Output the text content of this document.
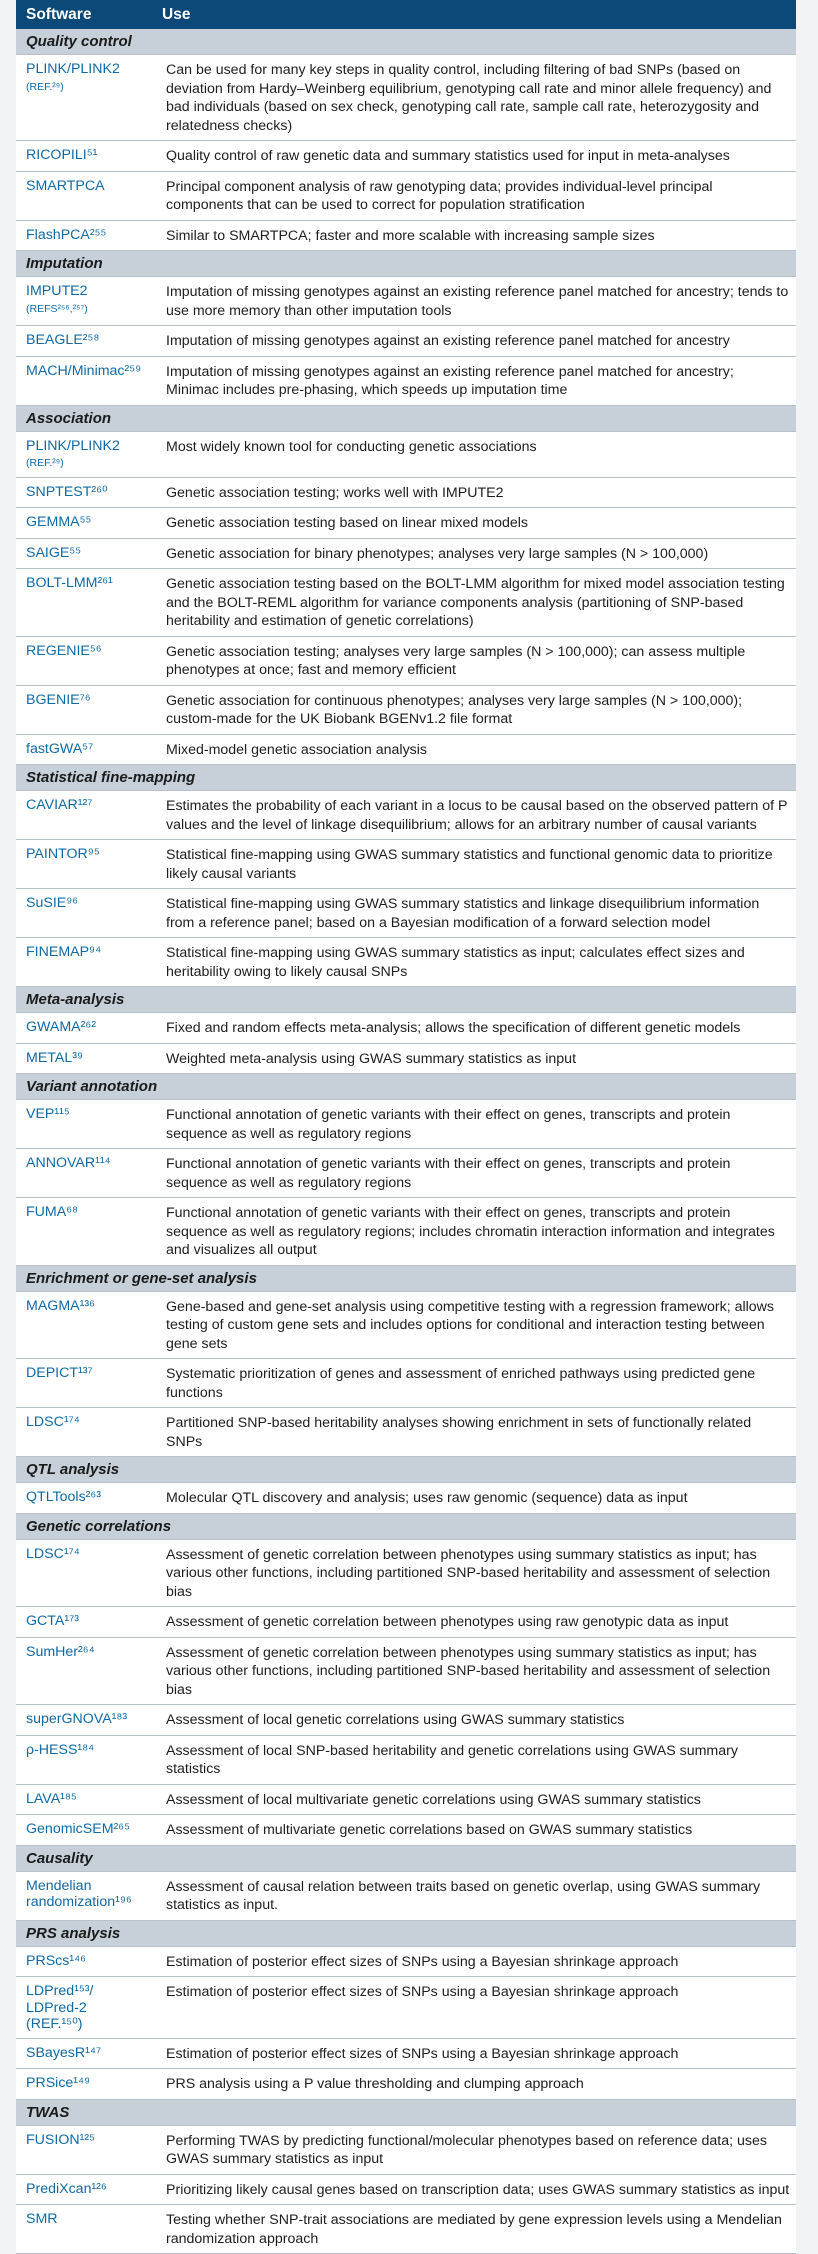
Software	Use
Quality control	
PLINK/PLINK2
(REF.²⁹)	Can be used for many key steps in quality control, including filtering of bad SNPs (based on deviation from Hardy–Weinberg equilibrium, genotyping call rate and minor allele frequency) and bad individuals (based on sex check, genotyping call rate, sample call rate, heterozygosity and relatedness checks)
RICOPILI⁵¹	Quality control of raw genetic data and summary statistics used for input in meta-analyses
SMARTPCA	Principal component analysis of raw genotyping data; provides individual-level principal components that can be used to correct for population stratification
FlashPCA²⁵⁵	Similar to SMARTPCA; faster and more scalable with increasing sample sizes
Imputation	
IMPUTE2
(REFS²⁵⁶,²⁵⁷)	Imputation of missing genotypes against an existing reference panel matched for ancestry; tends to use more memory than other imputation tools
BEAGLE²⁵⁸	Imputation of missing genotypes against an existing reference panel matched for ancestry
MACH/Minimac²⁵⁹	Imputation of missing genotypes against an existing reference panel matched for ancestry; Minimac includes pre-phasing, which speeds up imputation time
Association	
PLINK/PLINK2
(REF.²⁹)	Most widely known tool for conducting genetic associations
SNPTEST²⁶⁰	Genetic association testing; works well with IMPUTE2
GEMMA⁵⁵	Genetic association testing based on linear mixed models
SAIGE⁵⁵	Genetic association for binary phenotypes; analyses very large samples (N > 100,000)
BOLT-LMM²⁶¹	Genetic association testing based on the BOLT-LMM algorithm for mixed model association testing and the BOLT-REML algorithm for variance components analysis (partitioning of SNP-based heritability and estimation of genetic correlations)
REGENIE⁵⁶	Genetic association testing; analyses very large samples (N > 100,000); can assess multiple phenotypes at once; fast and memory efficient
BGENIE⁷⁶	Genetic association for continuous phenotypes; analyses very large samples (N > 100,000); custom-made for the UK Biobank BGENv1.2 file format
fastGWA⁵⁷	Mixed-model genetic association analysis
Statistical fine-mapping	
CAVIAR¹²⁷	Estimates the probability of each variant in a locus to be causal based on the observed pattern of P values and the level of linkage disequilibrium; allows for an arbitrary number of causal variants
PAINTOR⁹⁵	Statistical fine-mapping using GWAS summary statistics and functional genomic data to prioritize likely causal variants
SuSIE⁹⁶	Statistical fine-mapping using GWAS summary statistics and linkage disequilibrium information from a reference panel; based on a Bayesian modification of a forward selection model
FINEMAP⁹⁴	Statistical fine-mapping using GWAS summary statistics as input; calculates effect sizes and heritability owing to likely causal SNPs
Meta-analysis	
GWAMA²⁶²	Fixed and random effects meta-analysis; allows the specification of different genetic models
METAL³⁹	Weighted meta-analysis using GWAS summary statistics as input
Variant annotation	
VEP¹¹⁵	Functional annotation of genetic variants with their effect on genes, transcripts and protein sequence as well as regulatory regions
ANNOVAR¹¹⁴	Functional annotation of genetic variants with their effect on genes, transcripts and protein sequence as well as regulatory regions
FUMA⁶⁸	Functional annotation of genetic variants with their effect on genes, transcripts and protein sequence as well as regulatory regions; includes chromatin interaction information and integrates and visualizes all output
Enrichment or gene-set analysis	
MAGMA¹³⁶	Gene-based and gene-set analysis using competitive testing with a regression framework; allows testing of custom gene sets and includes options for conditional and interaction testing between gene sets
DEPICT¹³⁷	Systematic prioritization of genes and assessment of enriched pathways using predicted gene functions
LDSC¹⁷⁴	Partitioned SNP-based heritability analyses showing enrichment in sets of functionally related SNPs
QTL analysis	
QTLTools²⁶³	Molecular QTL discovery and analysis; uses raw genomic (sequence) data as input
Genetic correlations	
LDSC¹⁷⁴	Assessment of genetic correlation between phenotypes using summary statistics as input; has various other functions, including partitioned SNP-based heritability and assessment of selection bias
GCTA¹⁷³	Assessment of genetic correlation between phenotypes using raw genotypic data as input
SumHer²⁶⁴	Assessment of genetic correlation between phenotypes using summary statistics as input; has various other functions, including partitioned SNP-based heritability and assessment of selection bias
superGNOVA¹⁸³	Assessment of local genetic correlations using GWAS summary statistics
ρ-HESS¹⁸⁴	Assessment of local SNP-based heritability and genetic correlations using GWAS summary statistics
LAVA¹⁸⁵	Assessment of local multivariate genetic correlations using GWAS summary statistics
GenomicSEM²⁶⁵	Assessment of multivariate genetic correlations based on GWAS summary statistics
Causality	
Mendelian randomization¹⁹⁶	Assessment of causal relation between traits based on genetic overlap, using GWAS summary statistics as input.
PRS analysis	
PRScs¹⁴⁶	Estimation of posterior effect sizes of SNPs using a Bayesian shrinkage approach
LDPred¹⁵³/ LDPred-2 (REF.¹⁵⁰)	Estimation of posterior effect sizes of SNPs using a Bayesian shrinkage approach
SBayesR¹⁴⁷	Estimation of posterior effect sizes of SNPs using a Bayesian shrinkage approach
PRSice¹⁴⁹	PRS analysis using a P value thresholding and clumping approach
TWAS	
FUSION¹²⁵	Performing TWAS by predicting functional/molecular phenotypes based on reference data; uses GWAS summary statistics as input
PrediXcan¹²⁶	Prioritizing likely causal genes based on transcription data; uses GWAS summary statistics as input
SMR	Testing whether SNP-trait associations are mediated by gene expression levels using a Mendelian randomization approach
